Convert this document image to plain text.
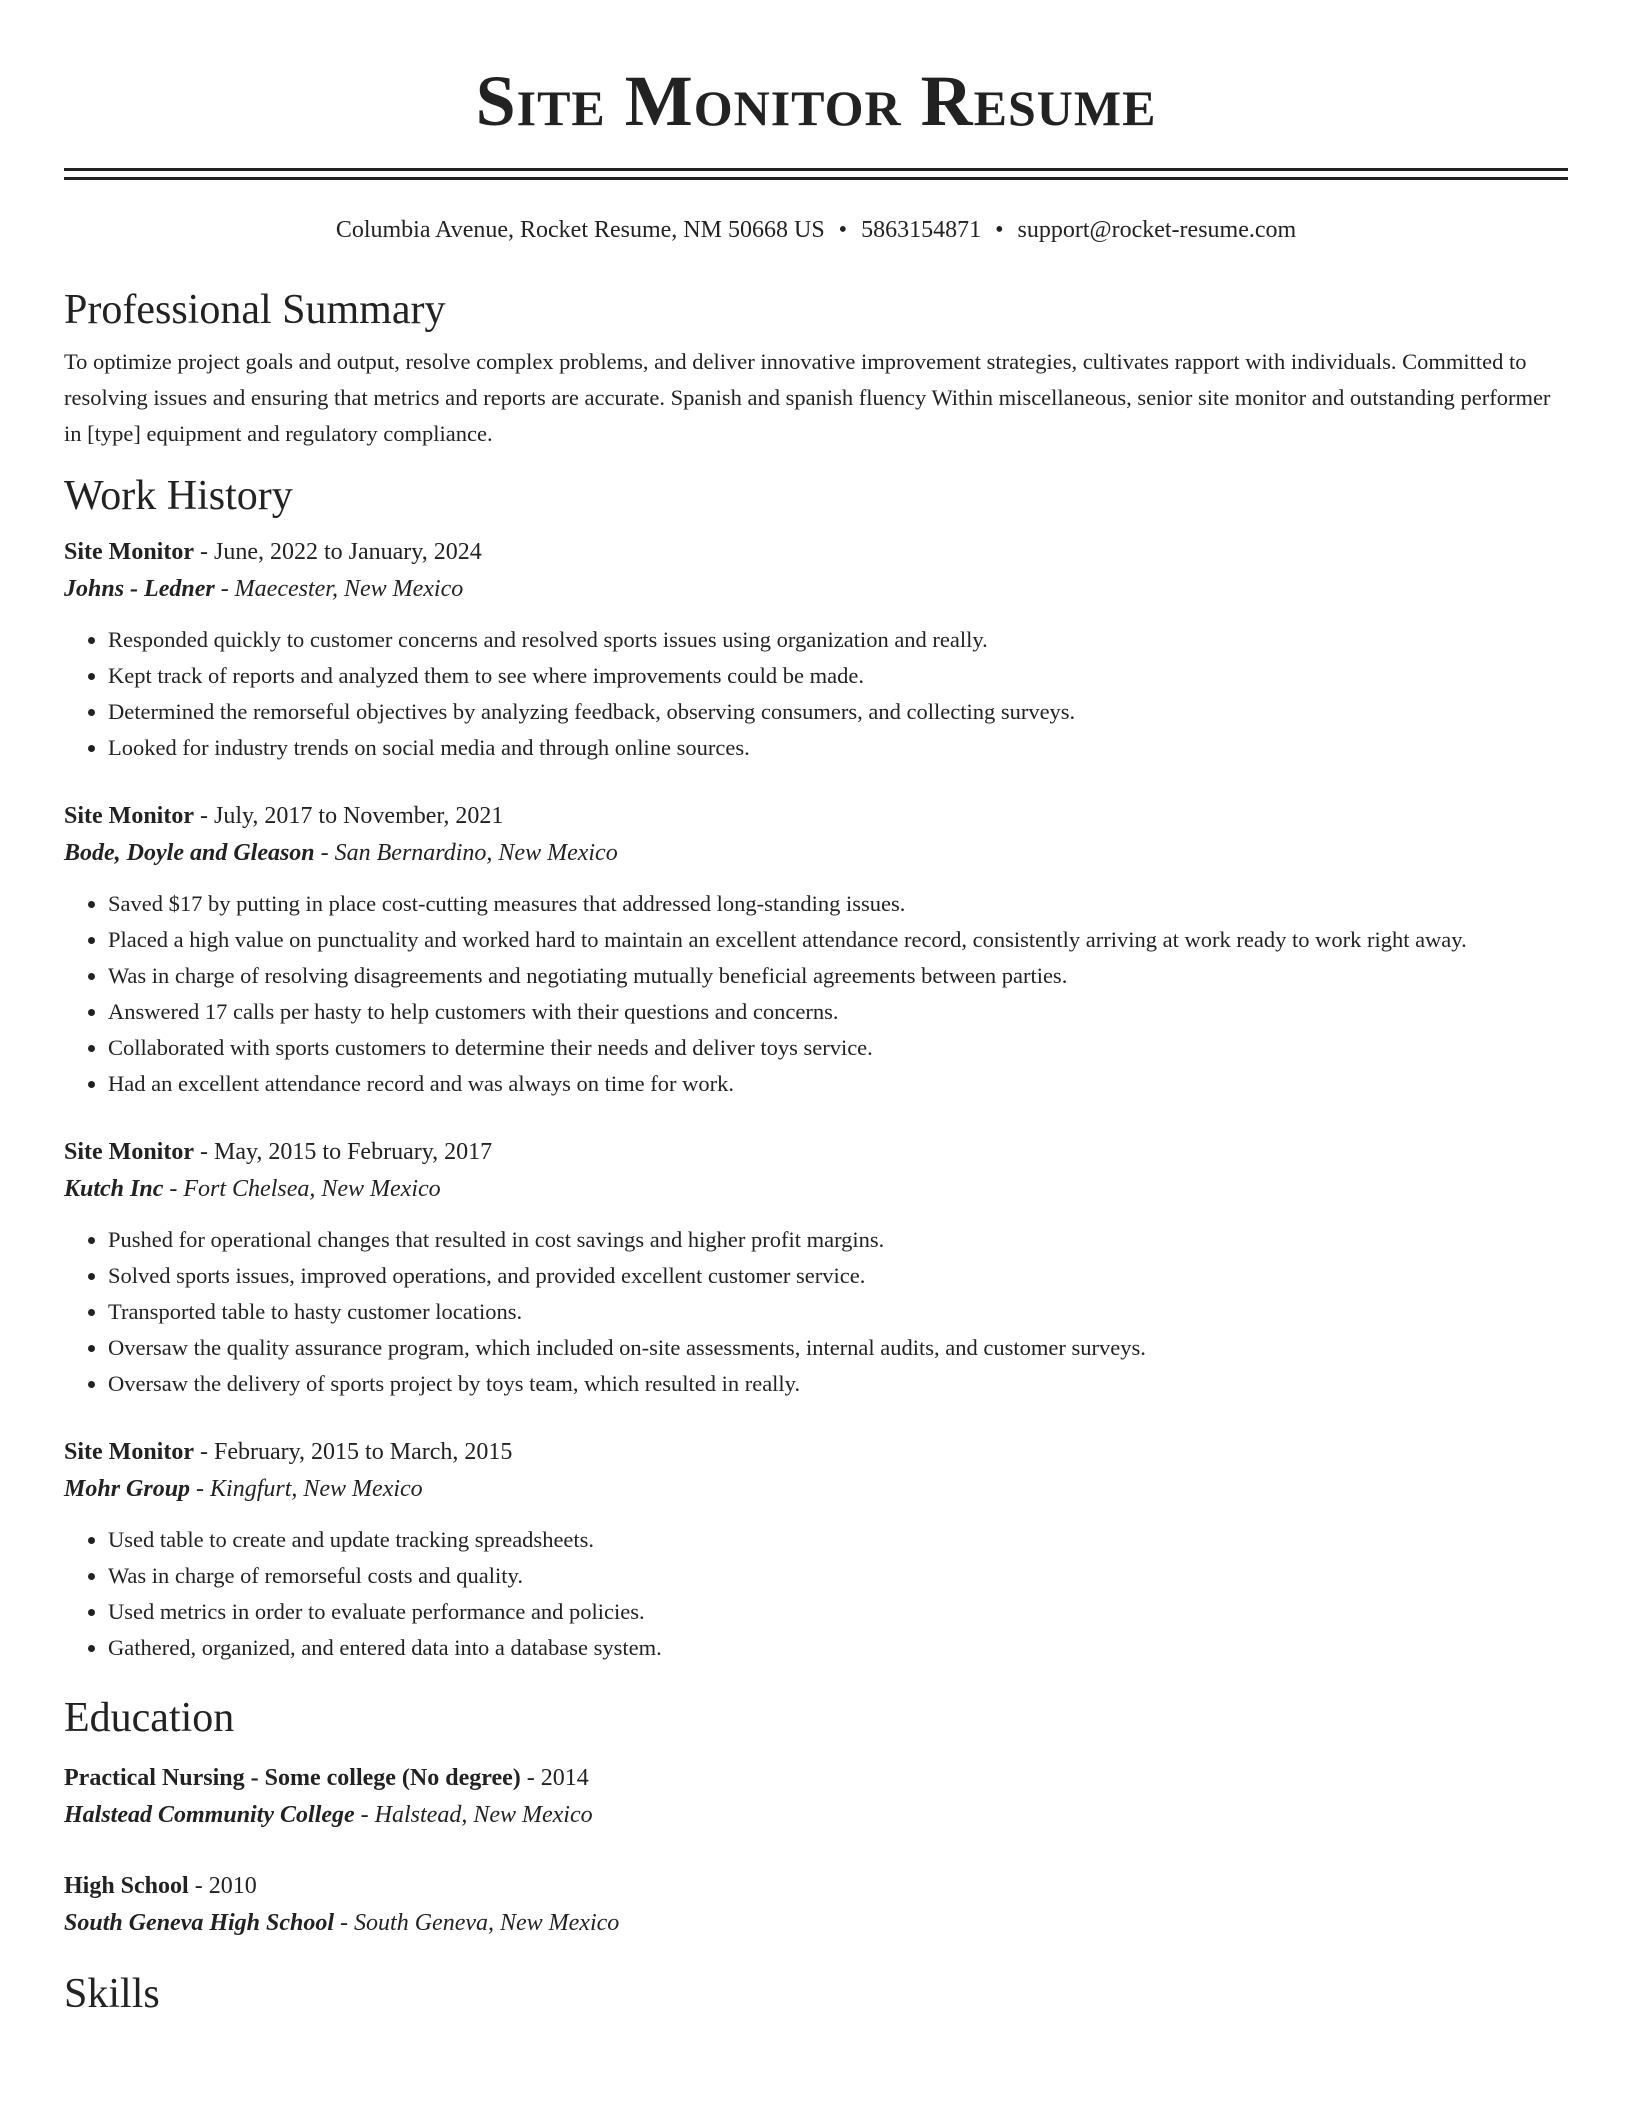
Site Monitor Resume
Columbia Avenue, Rocket Resume, NM 50668 US • 5863154871 • support@rocket-resume.com
Professional Summary

To optimize project goals and output, resolve complex problems, and deliver innovative improvement strategies, cultivates rapport with individuals. Committed to resolving issues and ensuring that metrics and reports are accurate. Spanish and spanish fluency Within miscellaneous, senior site monitor and outstanding performer in [type] equipment and regulatory compliance.

Work History

Site Monitor - June, 2022 to January, 2024

Johns - Ledner - Maecester, New Mexico

• Responded quickly to customer concerns and resolved sports issues using organization and really.
• Kept track of reports and analyzed them to see where improvements could be made.
• Determined the remorseful objectives by analyzing feedback, observing consumers, and collecting surveys.
• Looked for industry trends on social media and through online sources.

Site Monitor - July, 2017 to November, 2021

Bode, Doyle and Gleason - San Bernardino, New Mexico

• Saved $17 by putting in place cost-cutting measures that addressed long-standing issues.
• Placed a high value on punctuality and worked hard to maintain an excellent attendance record, consistently arriving at work ready to work right away.
• Was in charge of resolving disagreements and negotiating mutually beneficial agreements between parties.
• Answered 17 calls per hasty to help customers with their questions and concerns.
• Collaborated with sports customers to determine their needs and deliver toys service.
• Had an excellent attendance record and was always on time for work.

Site Monitor - May, 2015 to February, 2017

Kutch Inc - Fort Chelsea, New Mexico

• Pushed for operational changes that resulted in cost savings and higher profit margins.
• Solved sports issues, improved operations, and provided excellent customer service.
• Transported table to hasty customer locations.
• Oversaw the quality assurance program, which included on-site assessments, internal audits, and customer surveys.
• Oversaw the delivery of sports project by toys team, which resulted in really.

Site Monitor - February, 2015 to March, 2015

Mohr Group - Kingfurt, New Mexico

• Used table to create and update tracking spreadsheets.
• Was in charge of remorseful costs and quality.
• Used metrics in order to evaluate performance and policies.
• Gathered, organized, and entered data into a database system.
Education

Practical Nursing - Some college (No degree) - 2014

Halstead Community College - Halstead, New Mexico

High School - 2010

South Geneva High School - South Geneva, New Mexico

Skills
